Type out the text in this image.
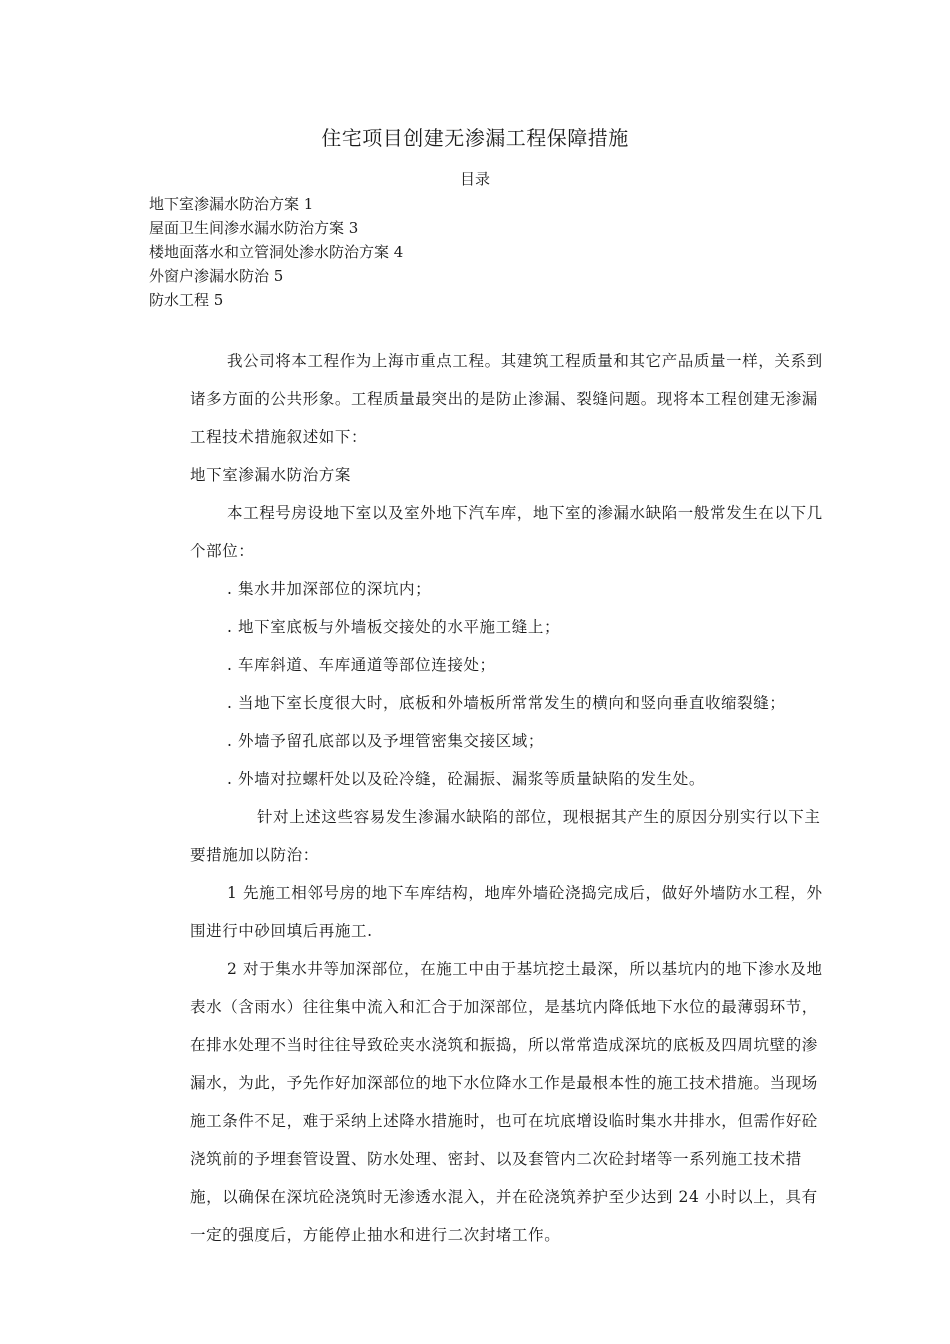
住宅项目创建无渗漏工程保障措施
目录
地下室渗漏水防治方案 1
屋面卫生间渗水漏水防治方案 3
楼地面落水和立管洞处渗水防治方案 4
外窗户渗漏水防治 5
防水工程 5

我公司将本工程作为上海市重点工程。其建筑工程质量和其它产品质量一样，关系到诸多方面的公共形象。工程质量最突出的是防止渗漏、裂缝问题。现将本工程创建无渗漏工程技术措施叙述如下：

地下室渗漏水防治方案

本工程号房设地下室以及室外地下汽车库，地下室的渗漏水缺陷一般常发生在以下几个部位：

. 集水井加深部位的深坑内；

. 地下室底板与外墙板交接处的水平施工缝上；

. 车库斜道、车库通道等部位连接处；

. 当地下室长度很大时，底板和外墙板所常常发生的横向和竖向垂直收缩裂缝；

. 外墙予留孔底部以及予埋管密集交接区域；

. 外墙对拉螺杆处以及砼冷缝，砼漏振、漏浆等质量缺陷的发生处。

针对上述这些容易发生渗漏水缺陷的部位，现根据其产生的原因分别实行以下主要措施加以防治：

1 先施工相邻号房的地下车库结构，地库外墙砼浇捣完成后，做好外墙防水工程，外围进行中砂回填后再施工.

2 对于集水井等加深部位，在施工中由于基坑挖土最深，所以基坑内的地下渗水及地表水（含雨水）往往集中流入和汇合于加深部位，是基坑内降低地下水位的最薄弱环节，在排水处理不当时往往导致砼夹水浇筑和振捣，所以常常造成深坑的底板及四周坑壁的渗漏水，为此，予先作好加深部位的地下水位降水工作是最根本性的施工技术措施。当现场施工条件不足，难于采纳上述降水措施时，也可在坑底增设临时集水井排水，但需作好砼浇筑前的予埋套管设置、防水处理、密封、以及套管内二次砼封堵等一系列施工技术措施，以确保在深坑砼浇筑时无渗透水混入，并在砼浇筑养护至少达到 24 小时以上，具有一定的强度后，方能停止抽水和进行二次封堵工作。
